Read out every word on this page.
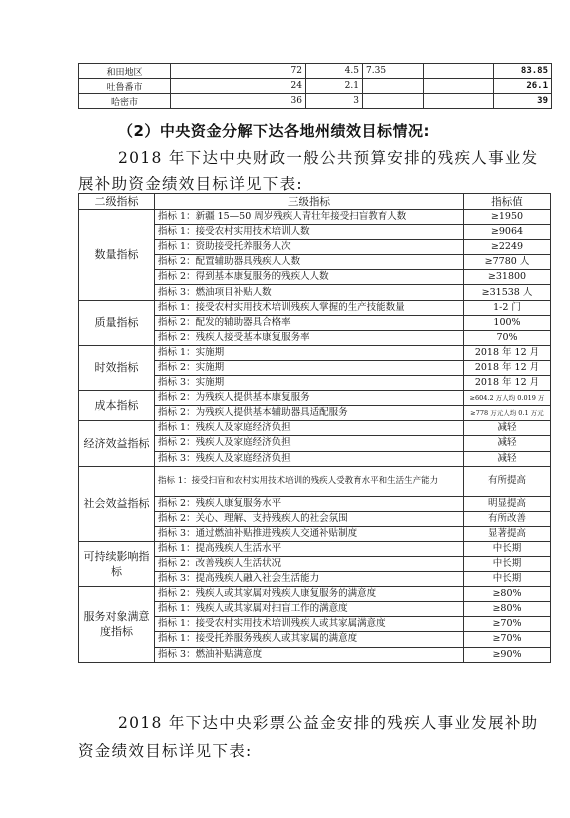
和田地区	72	4.5	7.35		83.85
吐鲁番市	24	2.1			26.1
哈密市	36	3			39
（2）中央资金分解下达各地州绩效目标情况:
2018 年下达中央财政一般公共预算安排的残疾人事业发
展补助资金绩效目标详见下表:
二级指标	三级指标	指标值
数量指标	指标 1：新疆 15—50 周岁残疾人青壮年接受扫盲教育人数	≥1950
	指标 1：接受农村实用技术培训人数	≥9064
	指标 1：资助接受托养服务人次	≥2249
	指标 2：配置辅助器具残疾人人数	≥7780 人
	指标 2：得到基本康复服务的残疾人人数	≥31800
	指标 3：燃油项目补贴人数	≥31538 人
质量指标	指标 1：接受农村实用技术培训残疾人掌握的生产技能数量	1-2 门
	指标 2：配发的辅助器具合格率	100%
	指标 2：残疾人接受基本康复服务率	70%
时效指标	指标 1：实施期	2018 年 12 月
	指标 2：实施期	2018 年 12 月
	指标 3：实施期	2018 年 12 月
成本指标	指标 2：为残疾人提供基本康复服务	≥604.2 万人均 0.019 万
	指标 2：为残疾人提供基本辅助器具适配服务	≥778 万元人均 0.1 万元
经济效益指标	指标 1：残疾人及家庭经济负担	减轻
	指标 2：残疾人及家庭经济负担	减轻
	指标 3：残疾人及家庭经济负担	减轻
社会效益指标	指标 1：接受扫盲和农村实用技术培训的残疾人受教育水平和生活生产能力	有所提高
	指标 2：残疾人康复服务水平	明显提高
	指标 2：关心、理解、支持残疾人的社会氛围	有所改善
	指标 3：通过燃油补贴推进残疾人交通补贴制度	显著提高
可持续影响指标	指标 1：提高残疾人生活水平	中长期
	指标 2：改善残疾人生活状况	中长期
	指标 3：提高残疾人融入社会生活能力	中长期
服务对象满意度指标	指标 2：残疾人或其家属对残疾人康复服务的满意度	≥80%
	指标 1：残疾人或其家属对扫盲工作的满意度	≥80%
	指标 1：接受农村实用技术培训残疾人或其家属满意度	≥70%
	指标 1：接受托养服务残疾人或其家属的满意度	≥70%
	指标 3：燃油补贴满意度	≥90%
2018 年下达中央彩票公益金安排的残疾人事业发展补助
资金绩效目标详见下表:
